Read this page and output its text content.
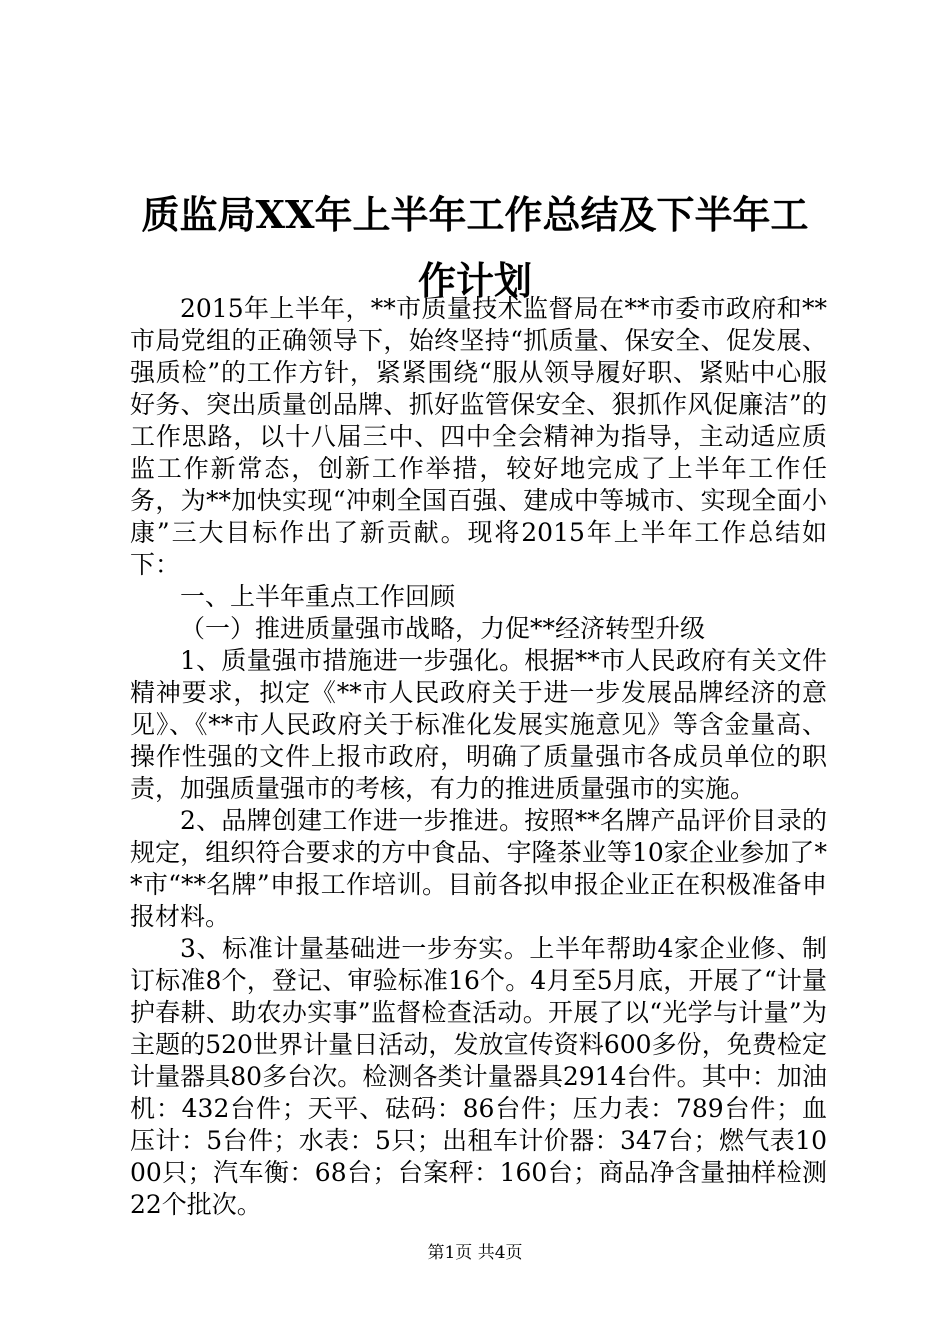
质监局XX年上半年工作总结及下半年工作计划

2015年上半年，**市质量技术监督局在**市委市政府和**市局党组的正确领导下，始终坚持“抓质量、保安全、促发展、强质检”的工作方针，紧紧围绕“服从领导履好职、紧贴中心服好务、突出质量创品牌、抓好监管保安全、狠抓作风促廉洁”的工作思路，以十八届三中、四中全会精神为指导，主动适应质监工作新常态，创新工作举措，较好地完成了上半年工作任务，为**加快实现“冲刺全国百强、建成中等城市、实现全面小康”三大目标作出了新贡献。现将2015年上半年工作总结如下：

一、上半年重点工作回顾

（一）推进质量强市战略，力促**经济转型升级

1、质量强市措施进一步强化。根据**市人民政府有关文件精神要求，拟定《**市人民政府关于进一步发展品牌经济的意见》、《**市人民政府关于标准化发展实施意见》等含金量高、操作性强的文件上报市政府，明确了质量强市各成员单位的职责，加强质量强市的考核，有力的推进质量强市的实施。

2、品牌创建工作进一步推进。按照**名牌产品评价目录的规定，组织符合要求的方中食品、宇隆茶业等10家企业参加了**市“**名牌”申报工作培训。目前各拟申报企业正在积极准备申报材料。

3、标准计量基础进一步夯实。上半年帮助4家企业修、制订标准8个，登记、审验标准16个。4月至5月底，开展了“计量护春耕、助农办实事”监督检查活动。开展了以“光学与计量”为主题的520世界计量日活动，发放宣传资料600多份，免费检定计量器具80多台次。检测各类计量器具2914台件。其中：加油机：432台件；天平、砝码：86台件；压力表：789台件；血压计：5台件；水表：5只；出租车计价器：347台；燃气表1000只；汽车衡：68台；台案秤：160台；商品净含量抽样检测22个批次。

第1页 共4页
